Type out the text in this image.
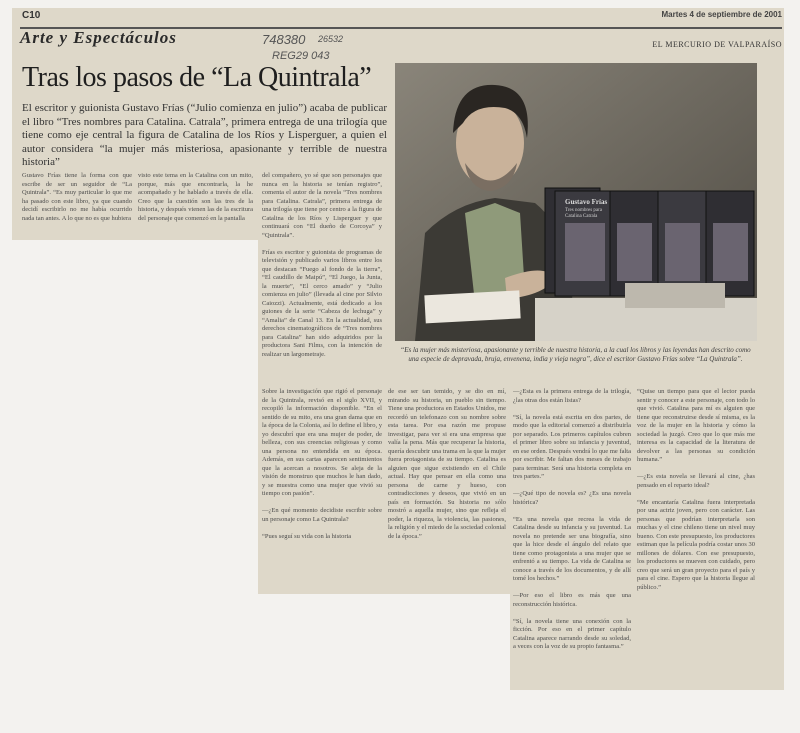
C10
Arte y Espectáculos
Martes 4 de septiembre de 2001
EL MERCURIO DE VALPARAÍSO
748380
REG29 043
26532
Tras los pasos de “La Quintrala”
El escritor y guionista Gustavo Frías (“Julio comienza en julio”) acaba de publicar el libro “Tres nombres para Catalina. Catrala”, primera entrega de una trilogía que tiene como eje central la figura de Catalina de los Ríos y Lisperguer, a quien el autor considera “la mujer más misteriosa, apasionante y terrible de nuestra historia”
Gustavo Frías tiene la forma con que escribe de ser un seguidor de “La Quintrala”. “Es muy particular lo que me ha pasado con este libro, ya que cuando decidí escribirlo no me había ocurrido nada tan antes. A lo que no es que hubiera
visto este tema en la Catalina con un mito, porque, más que encontrarla, la he acompañado y he hablado a través de ella. Creo que la cuestión son las tres de la historia, y después vienen las de la escritura del personaje que comenzó en la pantalla
del compañero, yo sé que son personajes que nunca en la historia se tenían registro”, comenta el autor de la novela “Tres nombres para Catalina. Catrala”, primera entrega de una trilogía que tiene por centro a la figura de Catalina de los Ríos y Lisperguer y que continuará con “El dueño de Corcoya” y “Quintrala”.

Frías es escritor y guionista de programas de televisión y publicado varios libros entre los que destacan “Fuego al fondo de la tierra”, “El caudillo de Maipú”, “El Juego, la Junta, la muerte”, “El cerco amado” y “Julio comienza en julio” (llevada al cine por Silvio Caiozzi). Actualmente, está dedicado a los guiones de la serie “Cabeza de lechuga” y “Amalia” de Canal 13. En la actualidad, sus derechos cinematográficos de “Tres nombres para Catalina” han sido adquiridos por la productora Sani Films, con la intención de realizar un largometraje.
Sobre la investigación que rigió el personaje de la Quintrala, revisó en el siglo XVII, y recopiló la información disponible. “En el sentido de su mito, era una gran dama que en la época de la Colonia, así lo define el libro, y yo descubrí que era una mujer de poder, de belleza, con sus creencias religiosas y como una persona no entendida en su época. Además, en sus cartas aparecen sentimientos que la acercan a nosotros. Se aleja de la visión de monstruo que muchos le han dado, y se muestra como una mujer que vivió su tiempo con pasión”.

—¿En qué momento decidiste escribir sobre un personaje como La Quintrala?

“Pues seguí su vida con la historia
de ese ser tan temido, y se dio en mí, mirando su historia, un pueblo sin tiempo. Tiene una productora en Estados Unidos, me recordó un telefonazo con su nombre sobre esta tarea. Por esa razón me propuse investigar, para ver si era una empresa que valía la pena. Más que recuperar la historia, quería descubrir una trama en la que la mujer fuera protagonista de su tiempo. Catalina es alguien que sigue existiendo en el Chile actual. Hay que pensar en ella como una persona de carne y hueso, con contradicciones y deseos, que vivió en un país en formación. Su historia no sólo mostró a aquella mujer, sino que refleja el poder, la riqueza, la violencia, las pasiones, la religión y el miedo de la sociedad colonial de la época.”
—¿Esta es la primera entrega de la trilogía, ¿las otras dos están listas?

“Sí, la novela está escrita en dos partes, de modo que la editorial comenzó a distribuirla por separado. Los primeros capítulos cubren el primer libro sobre su infancia y juventud, en ese orden. Después vendrá lo que me falta por escribir. Me faltan dos meses de trabajo para terminar. Será una historia completa en tres partes.”

—¿Qué tipo de novela es? ¿Es una novela histórica?

“Es una novela que recrea la vida de Catalina desde su infancia y su juventud. La novela no pretende ser una biografía, sino que la hice desde el ángulo del relato que tiene como protagonista a una mujer que se enfrentó a su tiempo. La vida de Catalina se conoce a través de los documentos, y de allí tomé los hechos.”

—Por eso el libro es más que una reconstrucción histórica.

“Sí, la novela tiene una conexión con la ficción. Por eso en el primer capítulo Catalina aparece narrando desde su soledad, a veces con la voz de su propio fantasma.”
“Quise un tiempo para que el lector pueda sentir y conocer a este personaje, con todo lo que vivió. Catalina para mí es alguien que tiene que reconstruirse desde sí misma, es la voz de la mujer en la historia y cómo la sociedad la juzgó. Creo que lo que más me interesa es la capacidad de la literatura de devolver a las personas su condición humana.”

—¿Es esta novela se llevará al cine, ¿has pensado en el reparto ideal?

“Me encantaría Catalina fuera interpretada por una actriz joven, pero con carácter. Las personas que podrían interpretarla son muchas y el cine chileno tiene un nivel muy bueno. Con este presupuesto, los productores estiman que la película podría costar unos 30 millones de dólares. Con ese presupuesto, los productores se mueven con cuidado, pero creo que será un gran proyecto para el país y para el cine. Espero que la historia llegue al público.”
Gustavo Frías
Tres nombres para Catalina Catrala
“Es la mujer más misteriosa, apasionante y terrible de nuestra historia, a la cual los libros y las leyendas han descrito como una especie de depravada, bruja, envenena, india y vieja negra”, dice el escritor Gustavo Frías sobre “La Quintrala”.
